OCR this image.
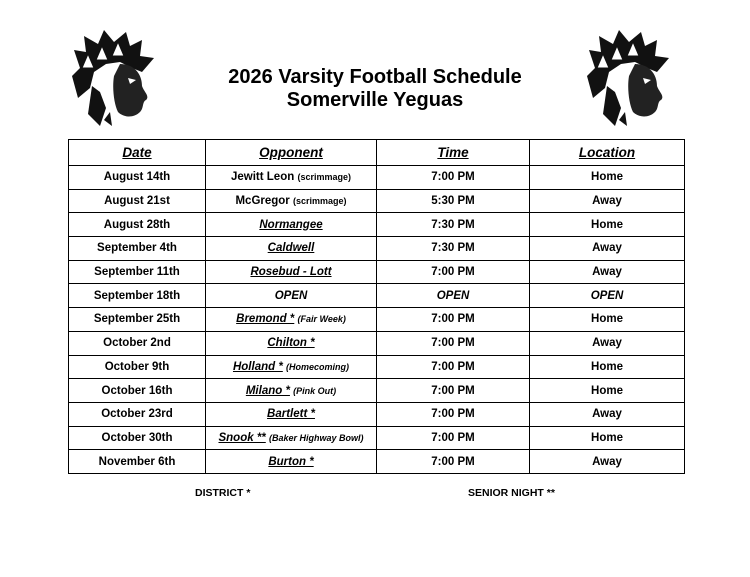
2026 Varsity Football Schedule
Somerville Yeguas
Date	Opponent	Time	Location
August 14th	Jewitt Leon (scrimmage)	7:00 PM	Home
August 21st	McGregor (scrimmage)	5:30 PM	Away
August 28th	Normangee	7:30 PM	Home
September 4th	Caldwell	7:30 PM	Away
September 11th	Rosebud - Lott	7:00 PM	Away
September 18th	OPEN	OPEN	OPEN
September 25th	Bremond * (Fair Week)	7:00 PM	Home
October 2nd	Chilton *	7:00 PM	Away
October 9th	Holland * (Homecoming)	7:00 PM	Home
October 16th	Milano * (Pink Out)	7:00 PM	Home
October 23rd	Bartlett *	7:00 PM	Away
October 30th	Snook ** (Baker Highway Bowl)	7:00 PM	Home
November 6th	Burton *	7:00 PM	Away
DISTRICT *	SENIOR NIGHT **
